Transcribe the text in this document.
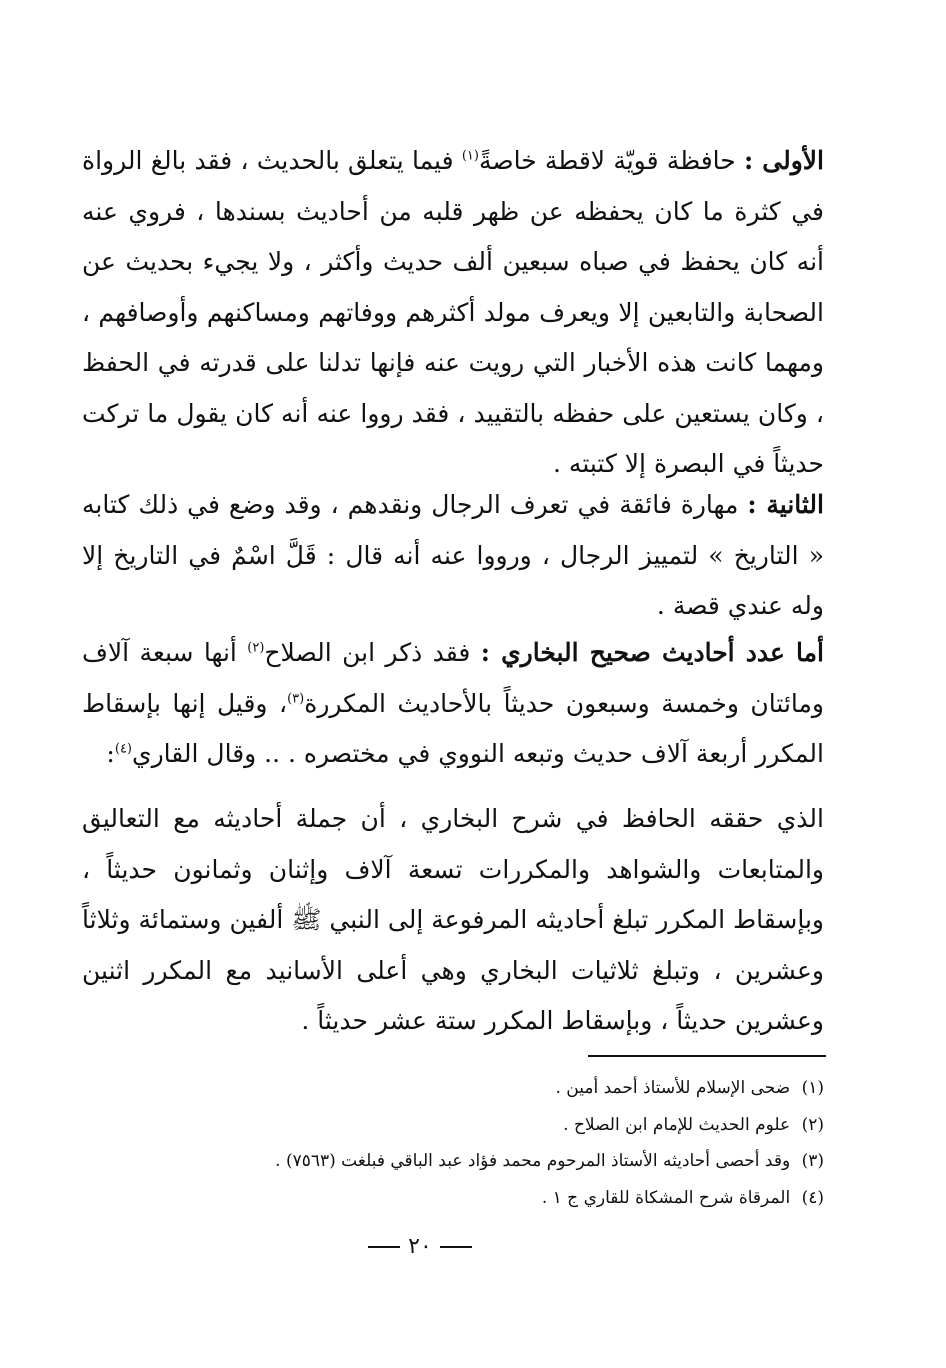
الأولى : حافظة قويّة لاقطة خاصةً$^{(١)}$ فيما يتعلق بالحديث ، فقد بالغ الرواة في كثرة ما كان يحفظه عن ظهر قلبه من أحاديث بسندها ، فروي عنه أنه كان يحفظ في صباه سبعين ألف حديث وأكثر ، ولا يجيء بحديث عن الصحابة والتابعين إلا ويعرف مولد أكثرهم ووفاتهم ومساكنهم وأوصافهم ، ومهما كانت هذه الأخبار التي رويت عنه فإنها تدلنا على قدرته في الحفظ ، وكان يستعين على حفظه بالتقييد ، فقد رووا عنه أنه كان يقول ما تركت حديثاً في البصرة إلا كتبته .
الثانية : مهارة فائقة في تعرف الرجال ونقدهم ، وقد وضع في ذلك كتابه « التاريخ » لتمييز الرجال ، ورووا عنه أنه قال : قَلَّ اسْمٌ في التاريخ إلا وله عندي قصة .
أما عدد أحاديث صحيح البخاري : فقد ذكر ابن الصلاح$^{(٢)}$ أنها سبعة آلاف ومائتان وخمسة وسبعون حديثاً بالأحاديث المكررة$^{(٣)}$، وقيل إنها بإسقاط المكرر أربعة آلاف حديث وتبعه النووي في مختصره . .. وقال القاري$^{(٤)}$:
الذي حققه الحافظ في شرح البخاري ، أن جملة أحاديثه مع التعاليق والمتابعات والشواهد والمكررات تسعة آلاف وإثنان وثمانون حديثاً ، وبإسقاط المكرر تبلغ أحاديثه المرفوعة إلى النبي ﷺ ألفين وستمائة وثلاثاً وعشرين ، وتبلغ ثلاثيات البخاري وهي أعلى الأسانيد مع المكرر اثنين وعشرين حديثاً ، وبإسقاط المكرر ستة عشر حديثاً .
(١) ضحى الإسلام للأستاذ أحمد أمين .
(٢) علوم الحديث للإمام ابن الصلاح .
(٣) وقد أحصى أحاديثه الأستاذ المرحوم محمد فؤاد عبد الباقي فبلغت (٧٥٦٣) .
(٤) المرقاة شرح المشكاة للقاري ج ١ .
٢٠
